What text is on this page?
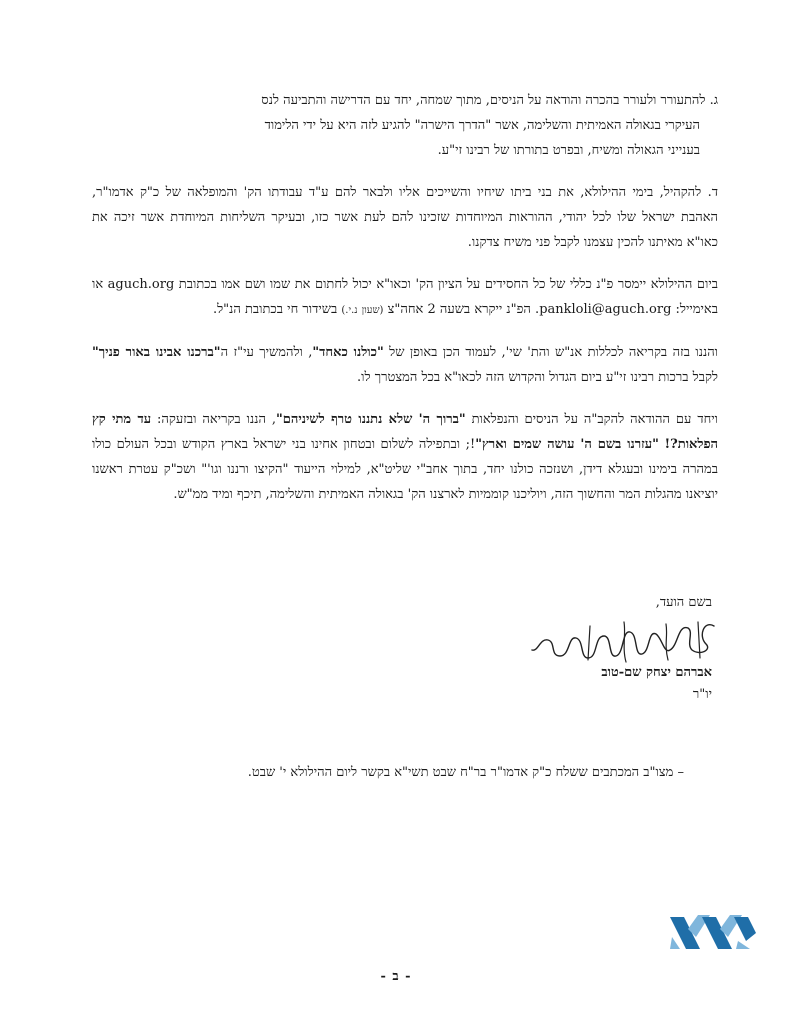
ג. להתעורר ולעורר בהכרה והודאה על הניסים, מתוך שמחה, יחד עם הדרישה והתביעה לנס
העיקרי בגאולה האמיתית והשלימה, אשר "הדרך הישרה" להגיע לזה היא על ידי הלימוד
בענייני הגאולה ומשיח, ובפרט בתורתו של רבינו זי"ע.

ד. להקהיל, בימי ההילולא, את בני ביתו שיחיו והשייכים אליו ולבאר להם ע"ד עבודתו הק' והמופלאה של כ"ק אדמו"ר, האהבת ישראל שלו לכל יהודי, ההוראות המיוחדות שזכינו להם לעת אשר כזו, ובעיקר השליחות המיוחדת אשר זיכה את כאו"א מאיתנו להכין עצמנו לקבל פני משיח צדקנו.

ביום ההילולא יימסר פ"נ כללי של כל החסידים על הציון הק' וכאו"א יכול לחתום את שמו ושם אמו בכתובת aguch.org או באימייל: pankloli@aguch.org. הפ"נ ייקרא בשעה 2 אחה"צ (שעון נ.י.) בשידור חי בכתובת הנ"ל.

והננו בזה בקריאה לכללות אנ"ש והת' שי', לעמוד הכן באופן של "כולנו כאחד", ולהמשיך עי"ז ה"ברכנו אבינו באור פניך" לקבל ברכות רבינו זי"ע ביום הגדול והקדוש הזה לכאו"א בכל המצטרך לו.

ויחד עם ההודאה להקב"ה על הניסים והנפלאות "ברוך ה' שלא נתננו טרף לשיניהם", הננו בקריאה ובזעקה: עד מתי קץ הפלאות?! "עזרנו בשם ה' עושה שמים וארץ"!; ובתפילה לשלום ובטחון אחינו בני ישראל בארץ הקודש ובכל העולם כולו במהרה בימינו ובעגלא דידן, ושנזכה כולנו יחד, בתוך אחב"י שליט"א, למילוי הייעוד "הקיצו ורננו וגו'" ושכ"ק עטרת ראשנו יוציאנו מהגלות המר והחשוך הזה, ויוליכנו קוממיות לארצנו הק' בגאולה האמיתית והשלימה, תיכף ומיד ממ"ש.

בשם הועד,
אברהם יצחק שם-טוב
יו"ר
– מצו"ב המכתבים ששלח כ"ק אדמו"ר בר"ח שבט תשי"א בקשר ליום ההילולא י' שבט.
- ב -
